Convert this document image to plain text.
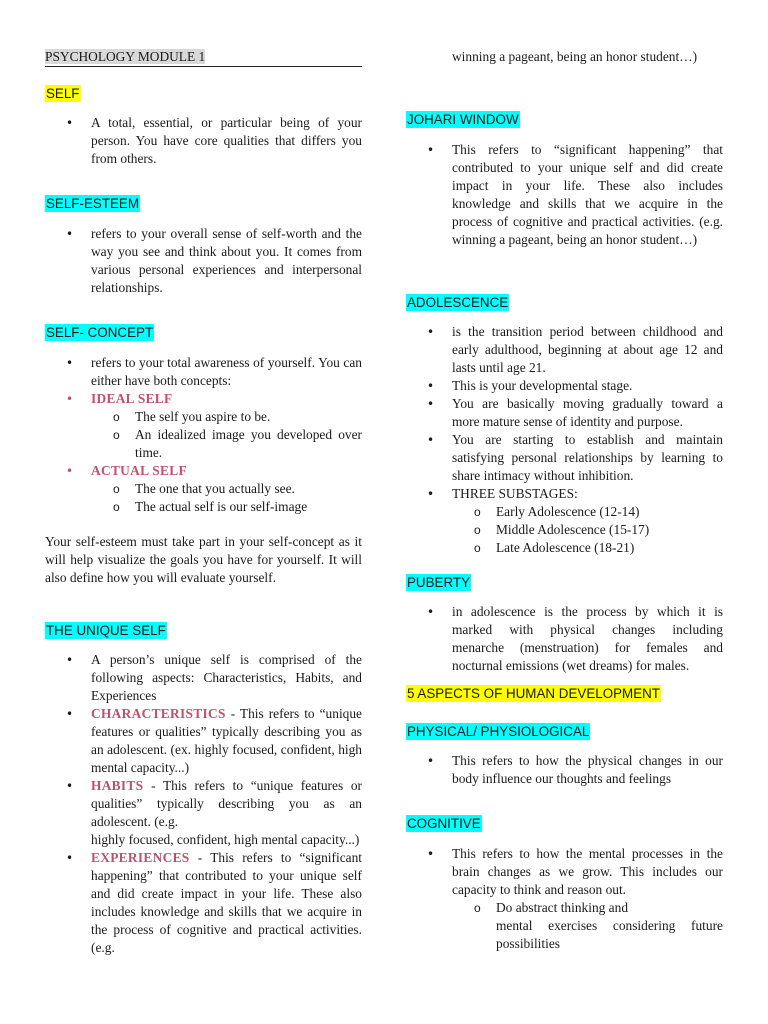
PSYCHOLOGY MODULE 1
SELF
• A total, essential, or particular being of your person. You have core qualities that differs you from others.
SELF-ESTEEM
• refers to your overall sense of self-worth and the way you see and think about you. It comes from various personal experiences and interpersonal relationships.
SELF- CONCEPT
• refers to your total awareness of yourself. You can either have both concepts:
• IDEAL SELF
o The self you aspire to be.
o An idealized image you developed over time.
• ACTUAL SELF
o The one that you actually see.
o The actual self is our self-image
Your self-esteem must take part in your self-concept as it will help visualize the goals you have for yourself. It will also define how you will evaluate yourself.
THE UNIQUE SELF
• A person’s unique self is comprised of the following aspects: Characteristics, Habits, and Experiences
• CHARACTERISTICS - This refers to “unique features or qualities” typically describing you as an adolescent. (ex. highly focused, confident, high mental capacity...)
• HABITS - This refers to “unique features or qualities” typically describing you as an adolescent. (e.g.
highly focused, confident, high mental capacity...)
• EXPERIENCES - This refers to “significant happening” that contributed to your unique self and did create impact in your life. These also includes knowledge and skills that we acquire in the process of cognitive and practical activities. (e.g.
winning a pageant, being an honor student…)
JOHARI WINDOW
• This refers to “significant happening” that contributed to your unique self and did create impact in your life. These also includes knowledge and skills that we acquire in the process of cognitive and practical activities. (e.g. winning a pageant, being an honor student…)
ADOLESCENCE
• is the transition period between childhood and early adulthood, beginning at about age 12 and lasts until age 21.
• This is your developmental stage.
• You are basically moving gradually toward a more mature sense of identity and purpose.
• You are starting to establish and maintain satisfying personal relationships by learning to share intimacy without inhibition.
• THREE SUBSTAGES:
o Early Adolescence (12-14)
o Middle Adolescence (15-17)
o Late Adolescence (18-21)
PUBERTY
• in adolescence is the process by which it is marked with physical changes including menarche (menstruation) for females and nocturnal emissions (wet dreams) for males.
5 ASPECTS OF HUMAN DEVELOPMENT
PHYSICAL/ PHYSIOLOGICAL
• This refers to how the physical changes in our body influence our thoughts and feelings
COGNITIVE
• This refers to how the mental processes in the brain changes as we grow. This includes our capacity to think and reason out.
o Do abstract thinking and
mental exercises considering future possibilities
